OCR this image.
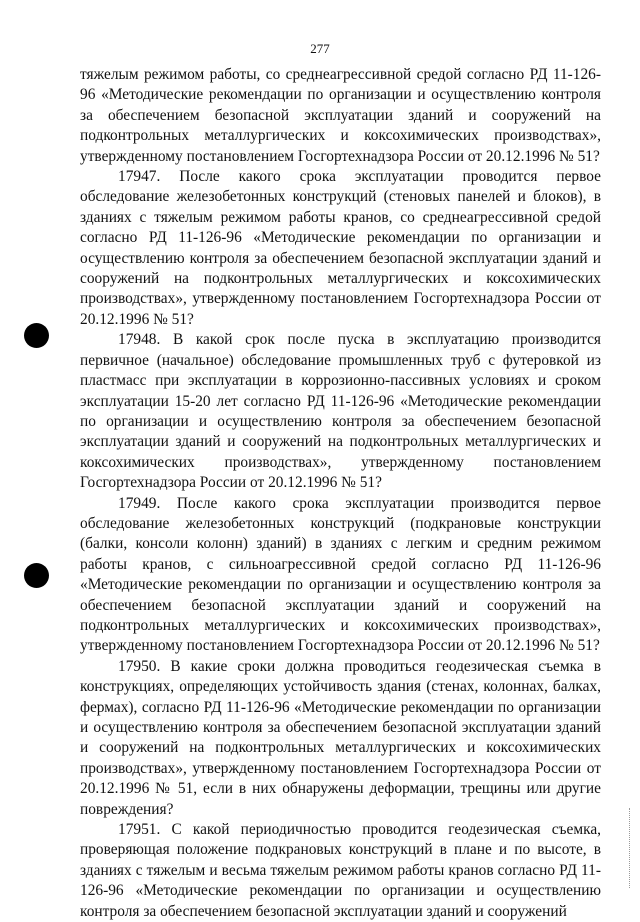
277

тяжелым режимом работы, со среднеагрессивной средой согласно РД 11-126-96 «Методические рекомендации по организации и осуществлению контроля за обеспечением безопасной эксплуатации зданий и сооружений на подконтрольных металлургических и коксохимических производствах», утвержденному постановлением Госгортехнадзора России от 20.12.1996 № 51?

17947. После какого срока эксплуатации проводится первое обследование железобетонных конструкций (стеновых панелей и блоков), в зданиях с тяжелым режимом работы кранов, со среднеагрессивной средой согласно РД 11-126-96 «Методические рекомендации по организации и осуществлению контроля за обеспечением безопасной эксплуатации зданий и сооружений на подконтрольных металлургических и коксохимических производствах», утвержденному постановлением Госгортехнадзора России от 20.12.1996 № 51?

17948. В какой срок после пуска в эксплуатацию производится первичное (начальное) обследование промышленных труб с футеровкой из пластмасс при эксплуатации в коррозионно-пассивных условиях и сроком эксплуатации 15-20 лет согласно РД 11-126-96 «Методические рекомендации по организации и осуществлению контроля за обеспечением безопасной эксплуатации зданий и сооружений на подконтрольных металлургических и коксохимических производствах», утвержденному постановлением Госгортехнадзора России от 20.12.1996 № 51?

17949. После какого срока эксплуатации производится первое обследование железобетонных конструкций (подкрановые конструкции (балки, консоли колонн) зданий) в зданиях с легким и средним режимом работы кранов, с сильноагрессивной средой согласно РД 11-126-96 «Методические рекомендации по организации и осуществлению контроля за обеспечением безопасной эксплуатации зданий и сооружений на подконтрольных металлургических и коксохимических производствах», утвержденному постановлением Госгортехнадзора России от 20.12.1996 № 51?

17950. В какие сроки должна проводиться геодезическая съемка в конструкциях, определяющих устойчивость здания (стенах, колоннах, балках, фермах), согласно РД 11-126-96 «Методические рекомендации по организации и осуществлению контроля за обеспечением безопасной эксплуатации зданий и сооружений на подконтрольных металлургических и коксохимических производствах», утвержденному постановлением Госгортехнадзора России от 20.12.1996 № 51, если в них обнаружены деформации, трещины или другие повреждения?

17951. С какой периодичностью проводится геодезическая съемка, проверяющая положение подкрановых конструкций в плане и по высоте, в зданиях с тяжелым и весьма тяжелым режимом работы кранов согласно РД 11-126-96 «Методические рекомендации по организации и осуществлению контроля за обеспечением безопасной эксплуатации зданий и сооружений
